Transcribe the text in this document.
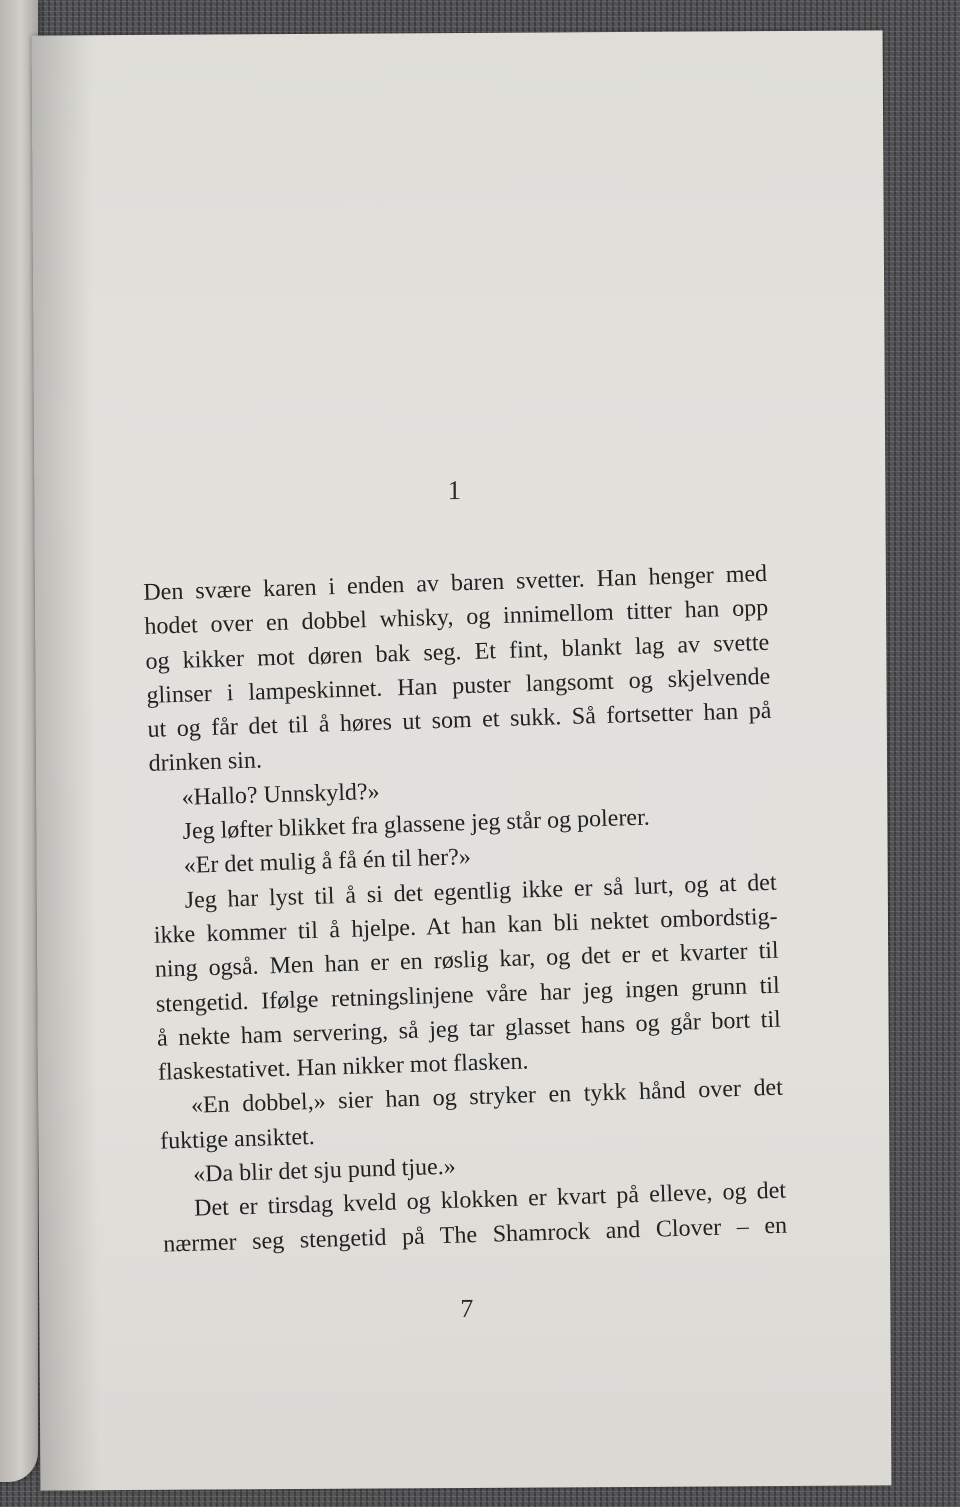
1
Den svære karen i enden av baren svetter. Han henger med
hodet over en dobbel whisky, og innimellom titter han opp
og kikker mot døren bak seg. Et fint, blankt lag av svette
glinser i lampeskinnet. Han puster langsomt og skjelvende
ut og får det til å høres ut som et sukk. Så fortsetter han på
drinken sin.
«Hallo? Unnskyld?»
Jeg løfter blikket fra glassene jeg står og polerer.
«Er det mulig å få én til her?»
Jeg har lyst til å si det egentlig ikke er så lurt, og at det
ikke kommer til å hjelpe. At han kan bli nektet ombordstig-
ning også. Men han er en røslig kar, og det er et kvarter til
stengetid. Ifølge retningslinjene våre har jeg ingen grunn til
å nekte ham servering, så jeg tar glasset hans og går bort til
flaskestativet. Han nikker mot flasken.
«En dobbel,» sier han og stryker en tykk hånd over det
fuktige ansiktet.
«Da blir det sju pund tjue.»
Det er tirsdag kveld og klokken er kvart på elleve, og det
nærmer seg stengetid på The Shamrock and Clover – en
7
